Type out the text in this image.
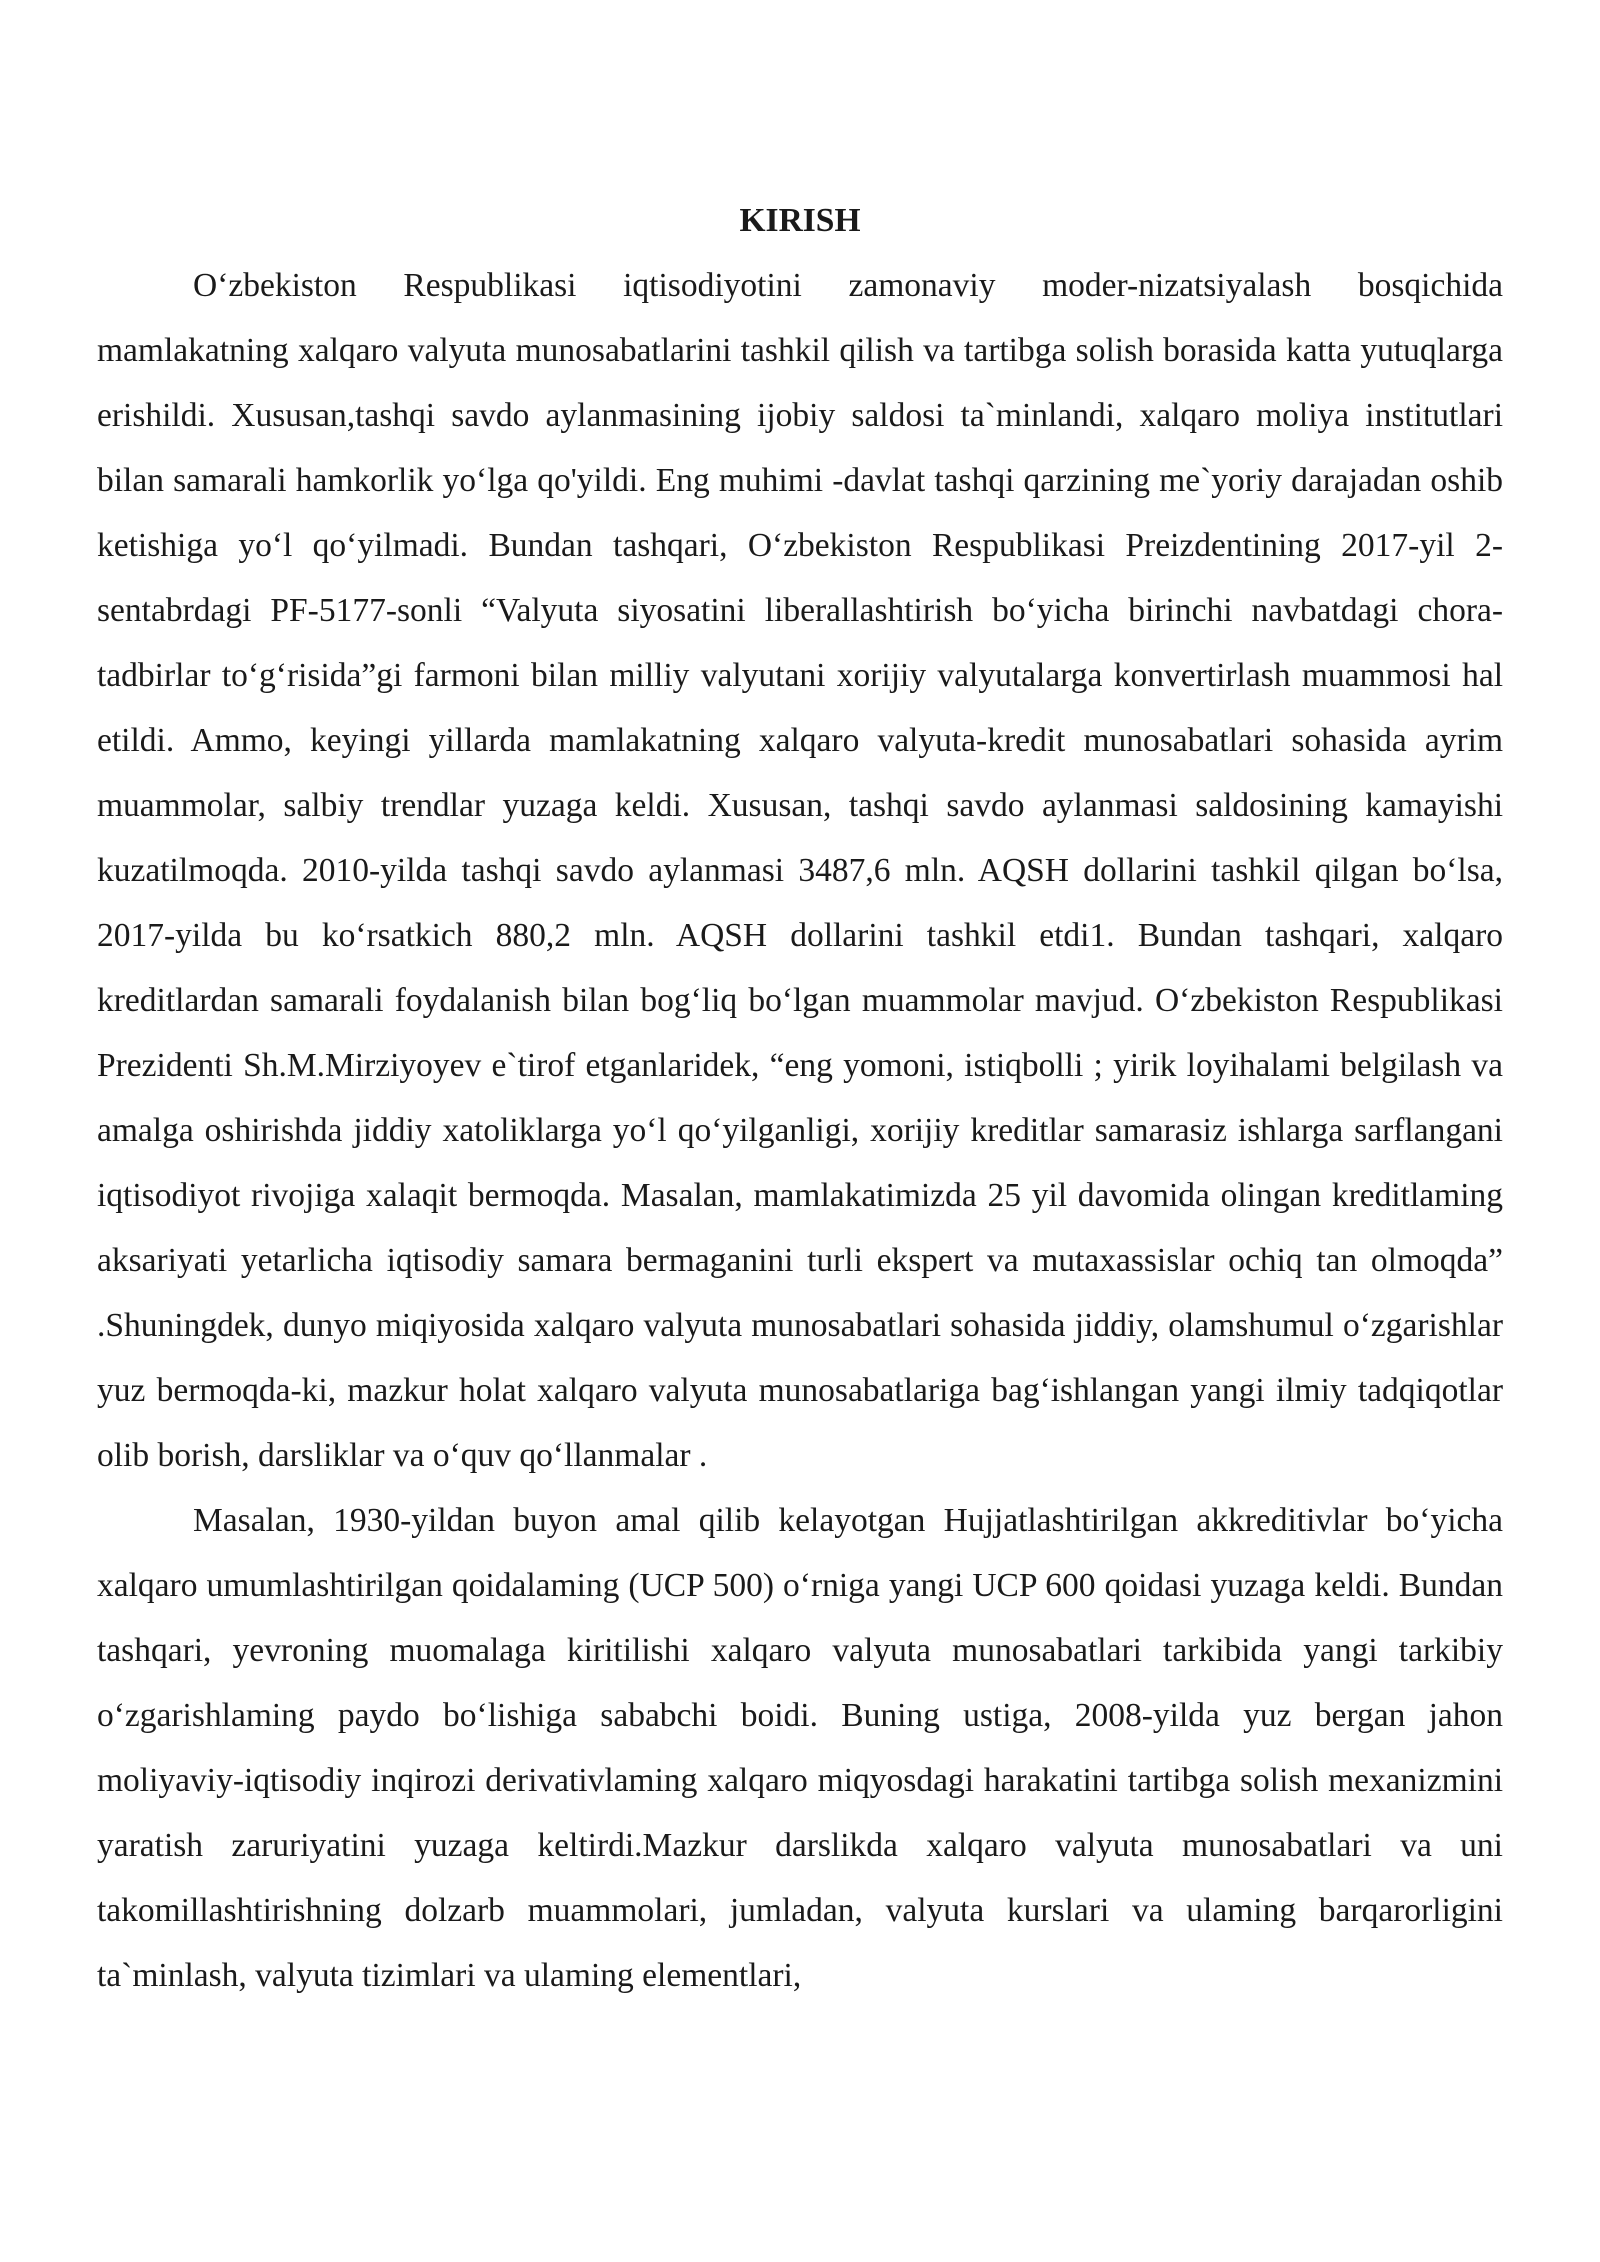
KIRISH

O‘zbekiston Respublikasi iqtisodiyotini zamonaviy moder-nizatsiyalash bosqichida mamlakatning xalqaro valyuta munosabatlarini tashkil qilish va tartibga solish borasida katta yutuqlarga erishildi. Xususan,tashqi savdo aylanmasining ijobiy saldosi ta`minlandi, xalqaro moliya institutlari bilan samarali hamkorlik yo‘lga qo'yildi. Eng muhimi -davlat tashqi qarzining me`yoriy darajadan oshib ketishiga yo‘l qo‘yilmadi. Bundan tashqari, O‘zbekiston Respublikasi Preizdentining 2017-yil 2-sentabrdagi PF-5177-sonli “Valyuta siyosatini liberallashtirish bo‘yicha birinchi navbatdagi chora-tadbirlar to‘g‘risida”gi farmoni bilan milliy valyutani xorijiy valyutalarga konvertirlash muammosi hal etildi. Ammo, keyingi yillarda mamlakatning xalqaro valyuta-kredit munosabatlari sohasida ayrim muammolar, salbiy trendlar yuzaga keldi. Xususan, tashqi savdo aylanmasi saldosining kamayishi kuzatilmoqda. 2010-yilda tashqi savdo aylanmasi 3487,6 mln. AQSH dollarini tashkil qilgan bo‘lsa, 2017-yilda bu ko‘rsatkich 880,2 mln. AQSH dollarini tashkil etdi1. Bundan tashqari, xalqaro kreditlardan samarali foydalanish bilan bog‘liq bo‘lgan muammolar mavjud. O‘zbekiston Respublikasi Prezidenti Sh.M.Mirziyoyev e`tirof etganlaridek, “eng yomoni, istiqbolli ; yirik loyihalami belgilash va amalga oshirishda jiddiy xatoliklarga yo‘l qo‘yilganligi, xorijiy kreditlar samarasiz ishlarga sarflangani iqtisodiyot rivojiga xalaqit bermoqda. Masalan, mamlakatimizda 25 yil davomida olingan kreditlaming aksariyati yetarlicha iqtisodiy samara bermaganini turli ekspert va mutaxassislar ochiq tan olmoqda” .Shuningdek, dunyo miqiyosida xalqaro valyuta munosabatlari sohasida jiddiy, olamshumul o‘zgarishlar yuz bermoqda-ki, mazkur holat xalqaro valyuta munosabatlariga bag‘ishlangan yangi ilmiy tadqiqotlar olib borish, darsliklar va o‘quv qo‘llanmalar .

Masalan, 1930-yildan buyon amal qilib kelayotgan Hujjatlashtirilgan akkreditivlar bo‘yicha xalqaro umumlashtirilgan qoidalaming (UCP 500) o‘rniga yangi UCP 600 qoidasi yuzaga keldi. Bundan tashqari, yevroning muomalaga kiritilishi xalqaro valyuta munosabatlari tarkibida yangi tarkibiy o‘zgarishlaming paydo bo‘lishiga sababchi boidi. Buning ustiga, 2008-yilda yuz bergan jahon moliyaviy-iqtisodiy inqirozi derivativlaming xalqaro miqyosdagi harakatini tartibga solish mexanizmini yaratish zaruriyatini yuzaga keltirdi.Mazkur darslikda xalqaro valyuta munosabatlari va uni takomillashtirishning dolzarb muammolari, jumladan, valyuta kurslari va ulaming barqarorligini ta`minlash, valyuta tizimlari va ulaming elementlari,
